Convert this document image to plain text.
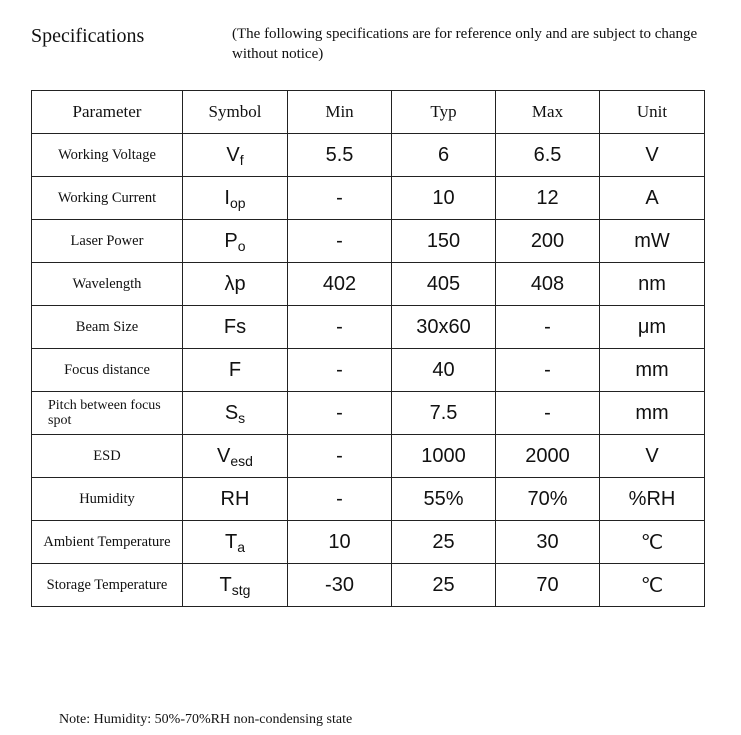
Specifications	(The following specifications are for reference only and are subject to change without notice)
Parameter	Symbol	Min	Typ	Max	Unit
Working Voltage	$V_f$	5.5	6	6.5	V
Working Current	$I_{op}$	-	10	12	A
Laser Power	$P_o$	-	150	200	mW
Wavelength	λp	402	405	408	nm
Beam Size	Fs	-	30x60	-	μm
Focus distance	F	-	40	-	mm
Pitch between focus spot	$S_s$	-	7.5	-	mm
ESD	$V_{esd}$	-	1000	2000	V
Humidity	RH	-	55%	70%	%RH
Ambient Temperature	$T_a$	10	25	30	℃
Storage Temperature	$T_{stg}$	-30	25	70	℃
Note: Humidity: 50%-70%RH non-condensing state
